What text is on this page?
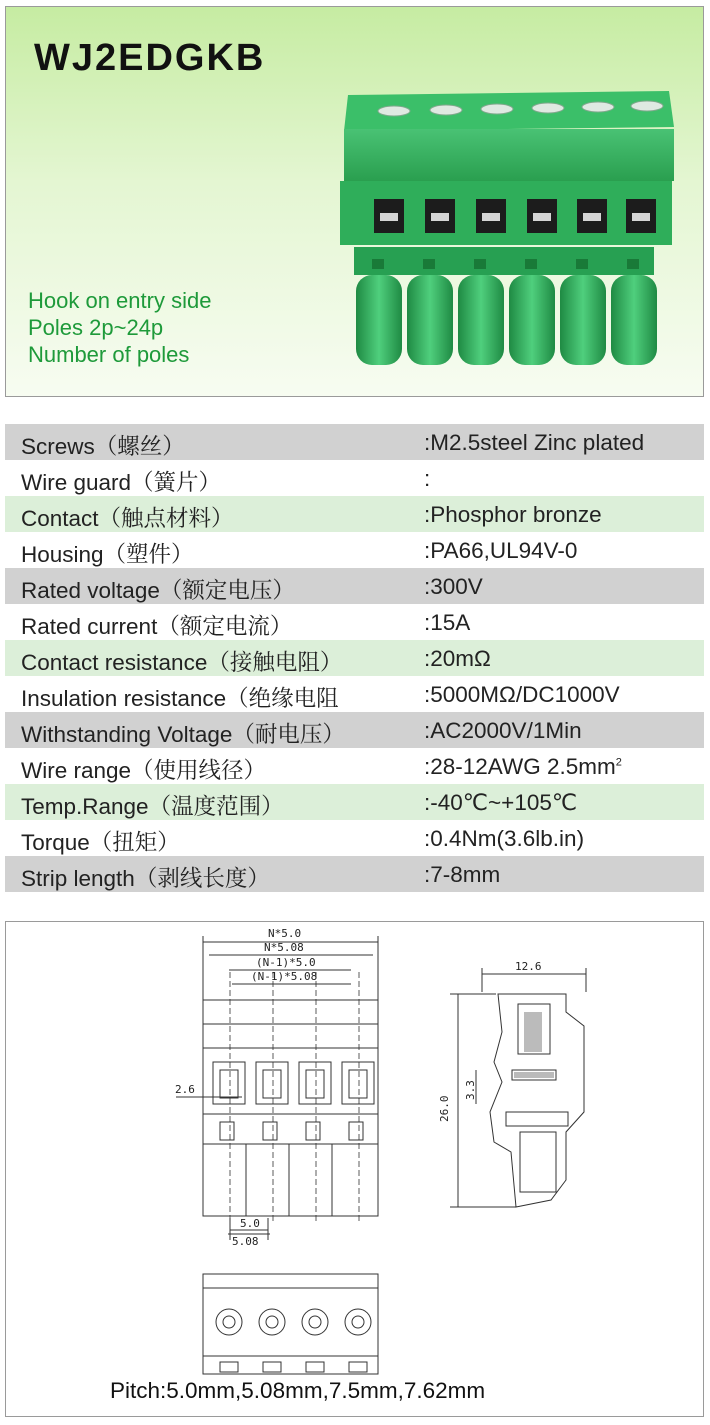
WJ2EDGKB
Hook on entry side
Poles 2p~24p
Number of poles
Screws（螺丝）	:M2.5steel Zinc plated
Wire guard（簧片）	:
Contact（触点材料）	:Phosphor bronze
Housing（塑件）	:PA66,UL94V-0
Rated voltage（额定电压）	:300V
Rated current（额定电流）	:15A
Contact resistance（接触电阻）	:20mΩ
Insulation resistance（绝缘电阻	:5000MΩ/DC1000V
Withstanding Voltage（耐电压）	:AC2000V/1Min
Wire range（使用线径）	:28-12AWG $2.5mm^2$
Temp.Range（温度范围）	:-40℃~+105℃
Torque（扭矩）	:0.4Nm(3.6lb.in)
Strip length（剥线长度）	:7-8mm
N*5.0
N*5.08
(N-1)*5.0
(N-1)*5.08
2.6
5.0
5.08
12.6
26.0
3.3
Pitch:5.0mm,5.08mm,7.5mm,7.62mm
